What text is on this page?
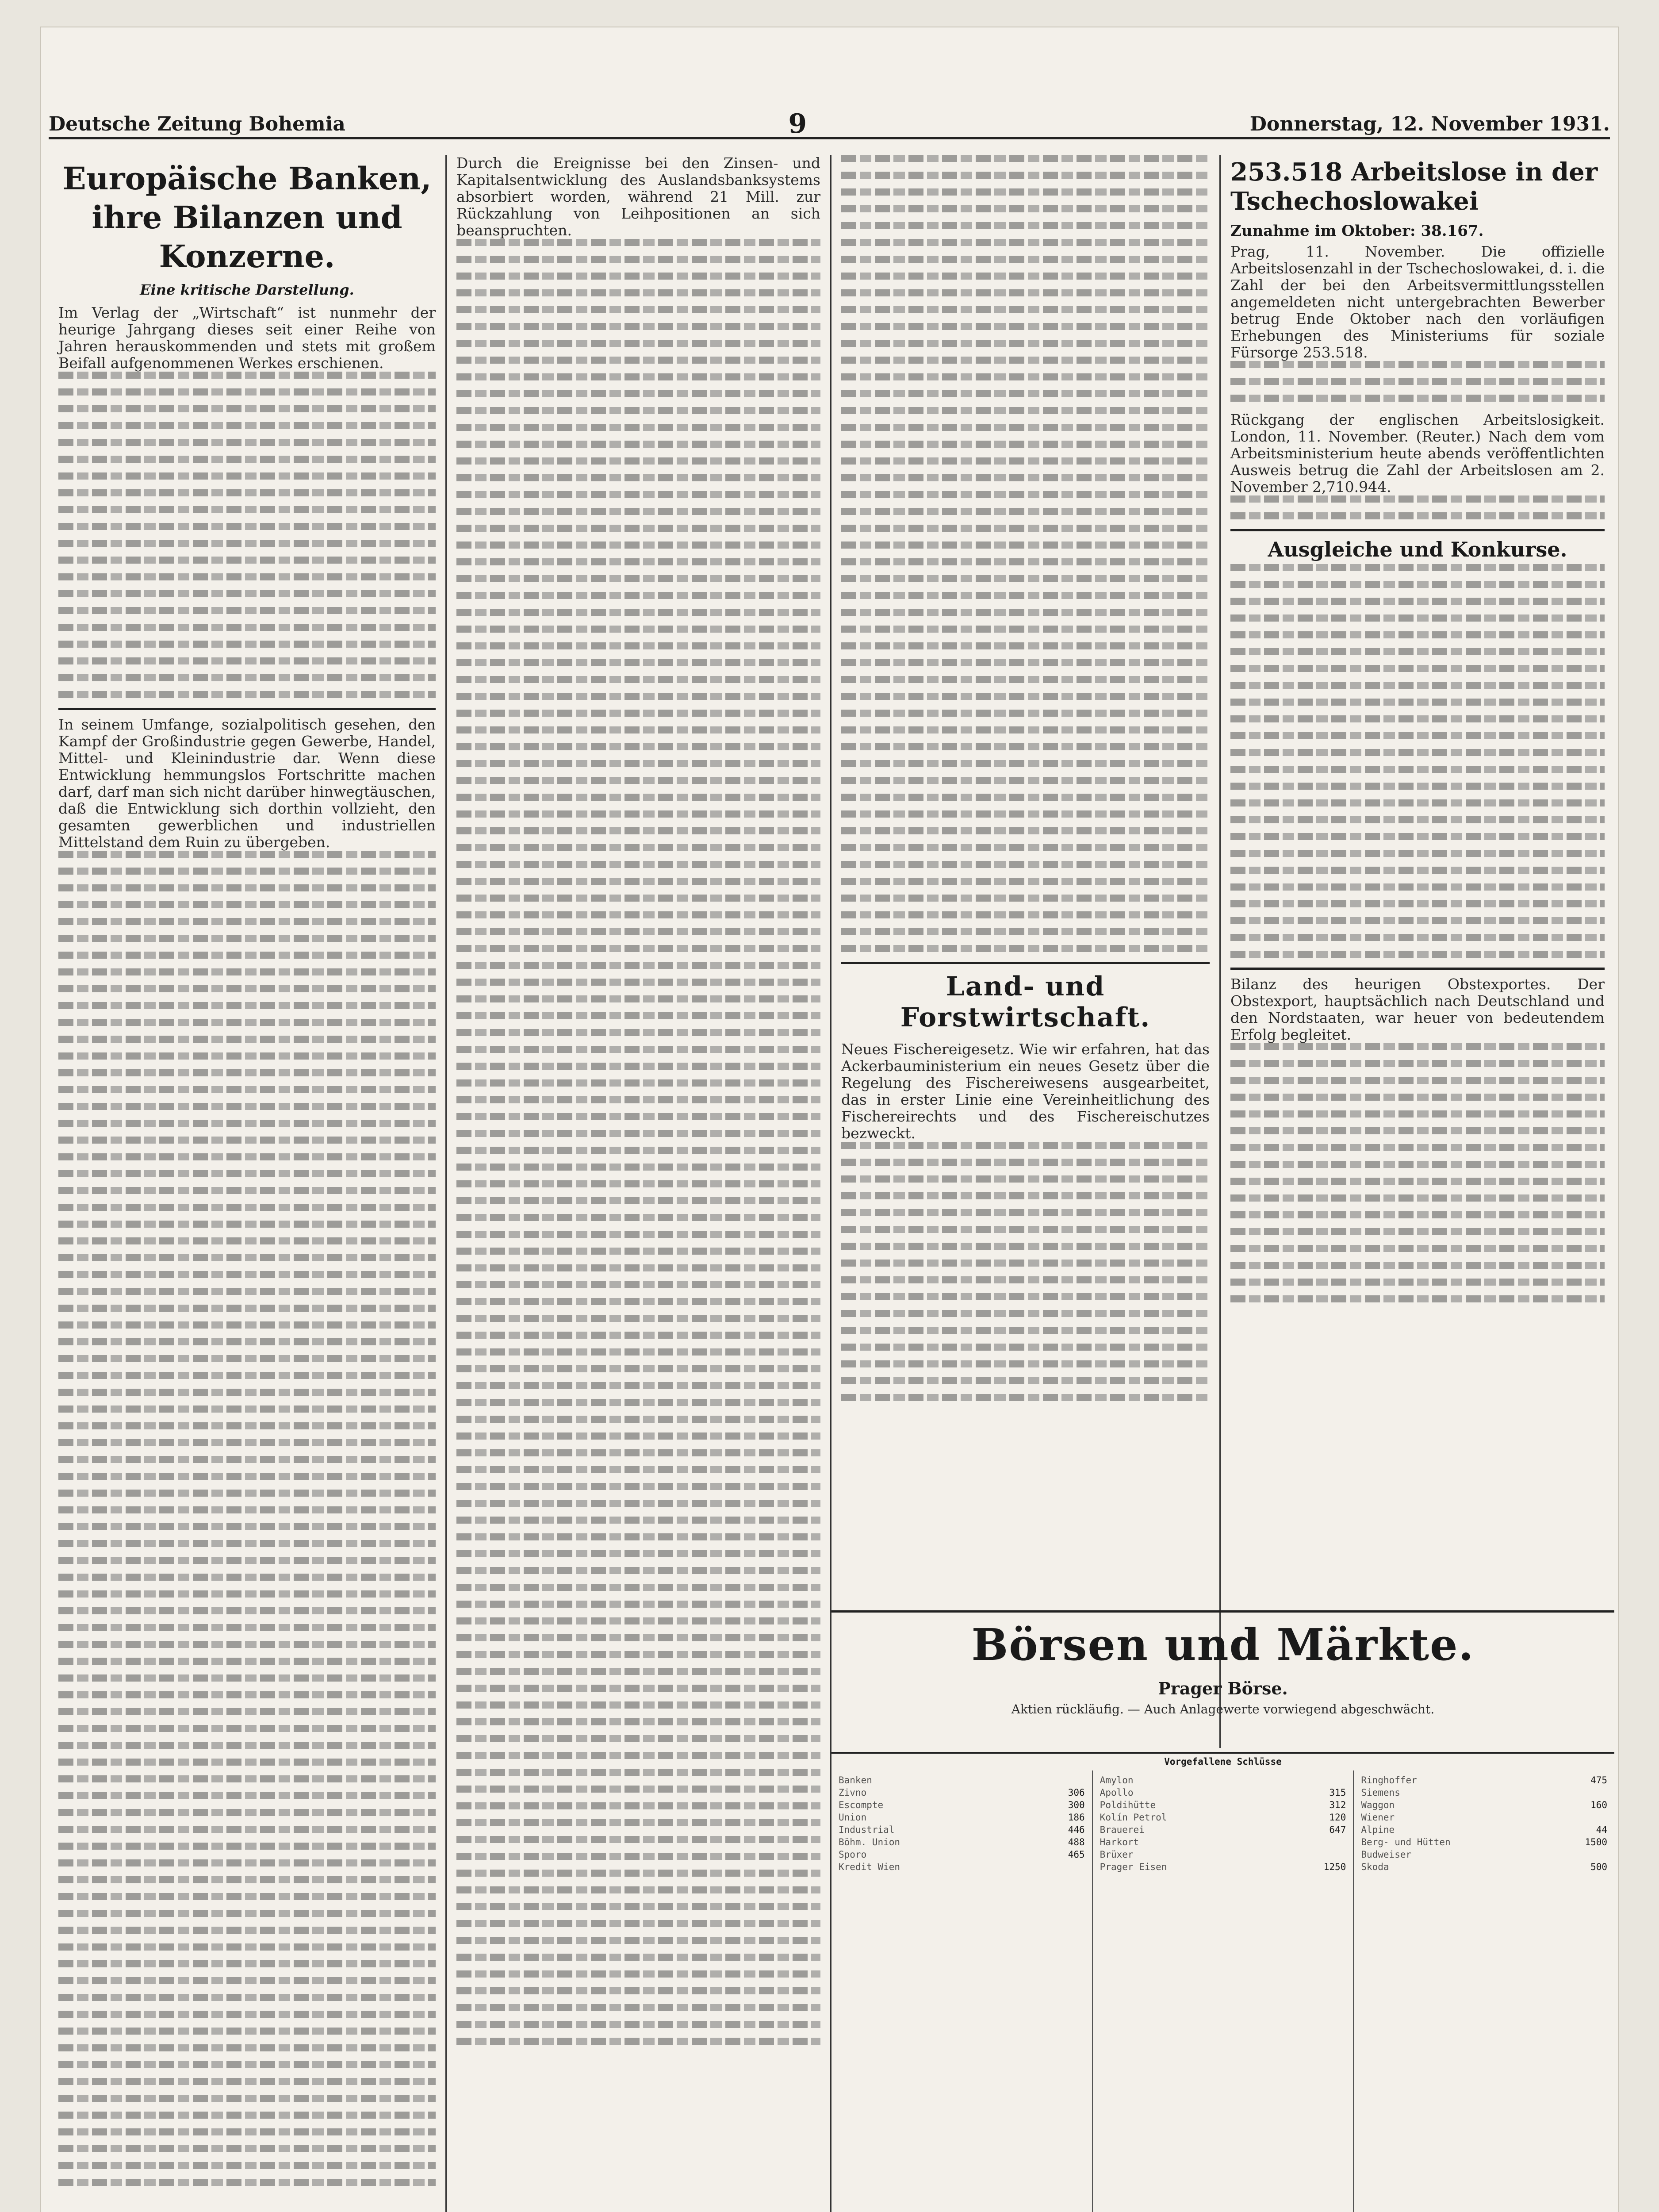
Deutsche Zeitung Bohemia	9	Donnerstag, 12. November 1931.
Europäische Banken, ihre Bilanzen und Konzerne.
Eine kritische Darstellung.
Im Verlag der „Wirtschaft“ ist nunmehr der heurige Jahrgang dieses seit einer Reihe von Jahren herauskommenden und stets mit großem Beifall aufgenommenen Werkes erschienen.
In seinem Umfange, sozialpolitisch gesehen, den Kampf der Großindustrie gegen Gewerbe, Handel, Mittel- und Kleinindustrie dar. Wenn diese Entwicklung hemmungslos Fortschritte machen darf, darf man sich nicht darüber hinwegtäuschen, daß die Entwicklung sich dorthin vollzieht, den gesamten gewerblichen und industriellen Mittelstand dem Ruin zu übergeben.
Durch die Ereignisse bei den Zinsen- und Kapitalsentwicklung des Auslandsbanksystems absorbiert worden, während 21 Mill. zur Rückzahlung von Leihpositionen an sich beanspruchten.
Land- und Forstwirtschaft.
Neues Fischereigesetz. Wie wir erfahren, hat das Ackerbauministerium ein neues Gesetz über die Regelung des Fischereiwesens ausgearbeitet, das in erster Linie eine Vereinheitlichung des Fischereirechts und des Fischereischutzes bezweckt.
253.518 Arbeitslose in der Tschechoslowakei
Zunahme im Oktober: 38.167.
Prag, 11. November. Die offizielle Arbeitslosenzahl in der Tschechoslowakei, d. i. die Zahl der bei den Arbeitsvermittlungsstellen angemeldeten nicht untergebrachten Bewerber betrug Ende Oktober nach den vorläufigen Erhebungen des Ministeriums für soziale Fürsorge 253.518.
Rückgang der englischen Arbeitslosigkeit. London, 11. November. (Reuter.) Nach dem vom Arbeitsministerium heute abends veröffentlichten Ausweis betrug die Zahl der Arbeitslosen am 2. November 2,710.944.
Ausgleiche und Konkurse.
Bilanz des heurigen Obstexportes. Der Obstexport, hauptsächlich nach Deutschland und den Nordstaaten, war heuer von bedeutendem Erfolg begleitet.
Börsen und Märkte.
Prager Börse.
Aktien rückläufig. — Auch Anlagewerte vorwiegend abgeschwächt.
Vorgefallene Schlüsse
Banken
Zivno	306
Escompte	300
Union	186
Industrial	446
Böhm. Union	488
Sporo	465
Kredit Wien
Amylon
Apollo	315
Poldihütte	312
Kolín Petrol	120
Brauerei	647
Harkort
Brüxer
Prager Eisen	1250
Ringhoffer	475
Siemens
Waggon	160
Wiener
Alpine	44
Berg- und Hütten	1500
Budweiser
Skoda	500
